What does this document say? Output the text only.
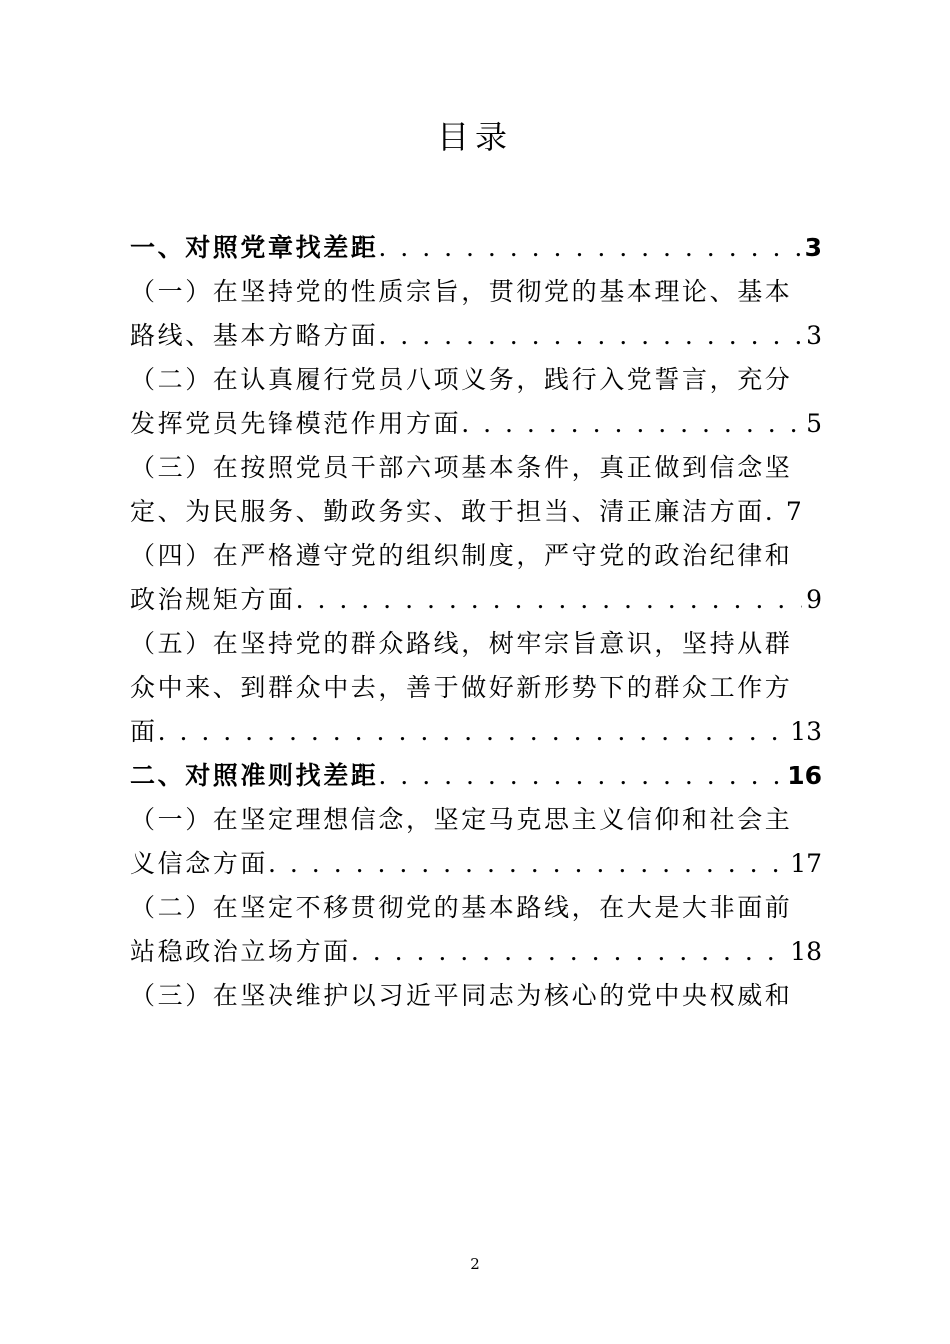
目录
一、对照党章找差距 . . .	3
（一）在坚持党的性质宗旨，贯彻党的基本理论、基本
路线、基本方略方面 . . .	3
（二）在认真履行党员八项义务，践行入党誓言，充分
发挥党员先锋模范作用方面 . . .	5
（三）在按照党员干部六项基本条件，真正做到信念坚
定、为民服务、勤政务实、敢于担当、清正廉洁方面. 7
（四）在严格遵守党的组织制度，严守党的政治纪律和
政治规矩方面 . . .	9
（五）在坚持党的群众路线，树牢宗旨意识，坚持从群
众中来、到群众中去，善于做好新形势下的群众工作方
面 . . .	13
二、对照准则找差距 . . .	16
（一）在坚定理想信念，坚定马克思主义信仰和社会主
义信念方面 . . .	17
（二）在坚定不移贯彻党的基本路线，在大是大非面前
站稳政治立场方面 . . .	18
（三）在坚决维护以习近平同志为核心的党中央权威和
2
